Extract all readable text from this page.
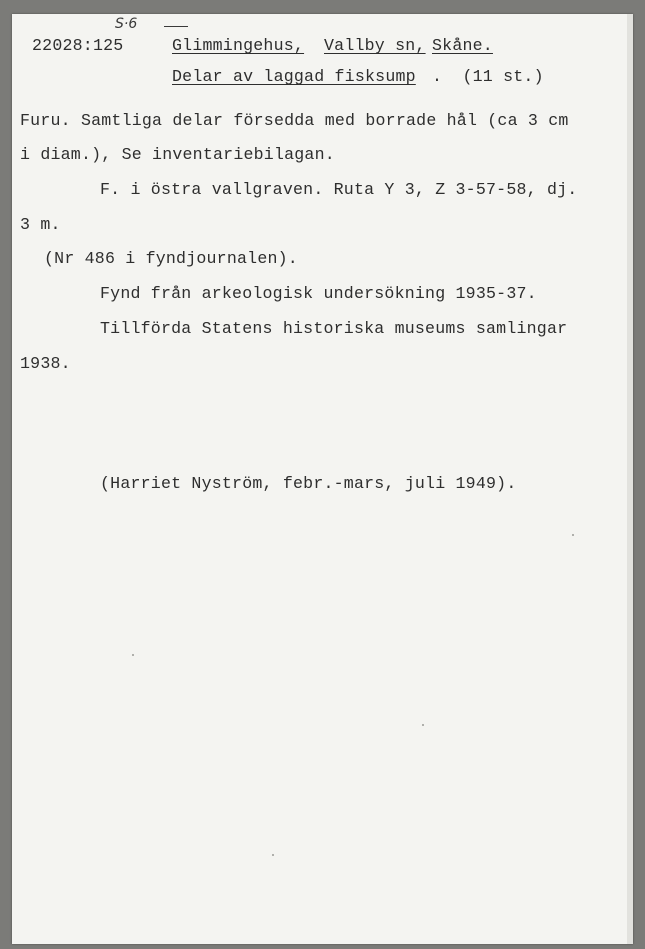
S·6
22028:125	Glimmingehus, Vallby sn, Skåne.
Delar av laggad fisksump .  (11 st.)
Furu. Samtliga delar försedda med borrade hål (ca 3 cm
i diam.), Se inventariebilagan.
F. i östra vallgraven. Ruta Y 3, Z 3-57-58, dj.
3 m.
(Nr 486 i fyndjournalen).
Fynd från arkeologisk undersökning 1935-37.
Tillförda Statens historiska museums samlingar
1938.
(Harriet Nyström, febr.-mars, juli 1949).
